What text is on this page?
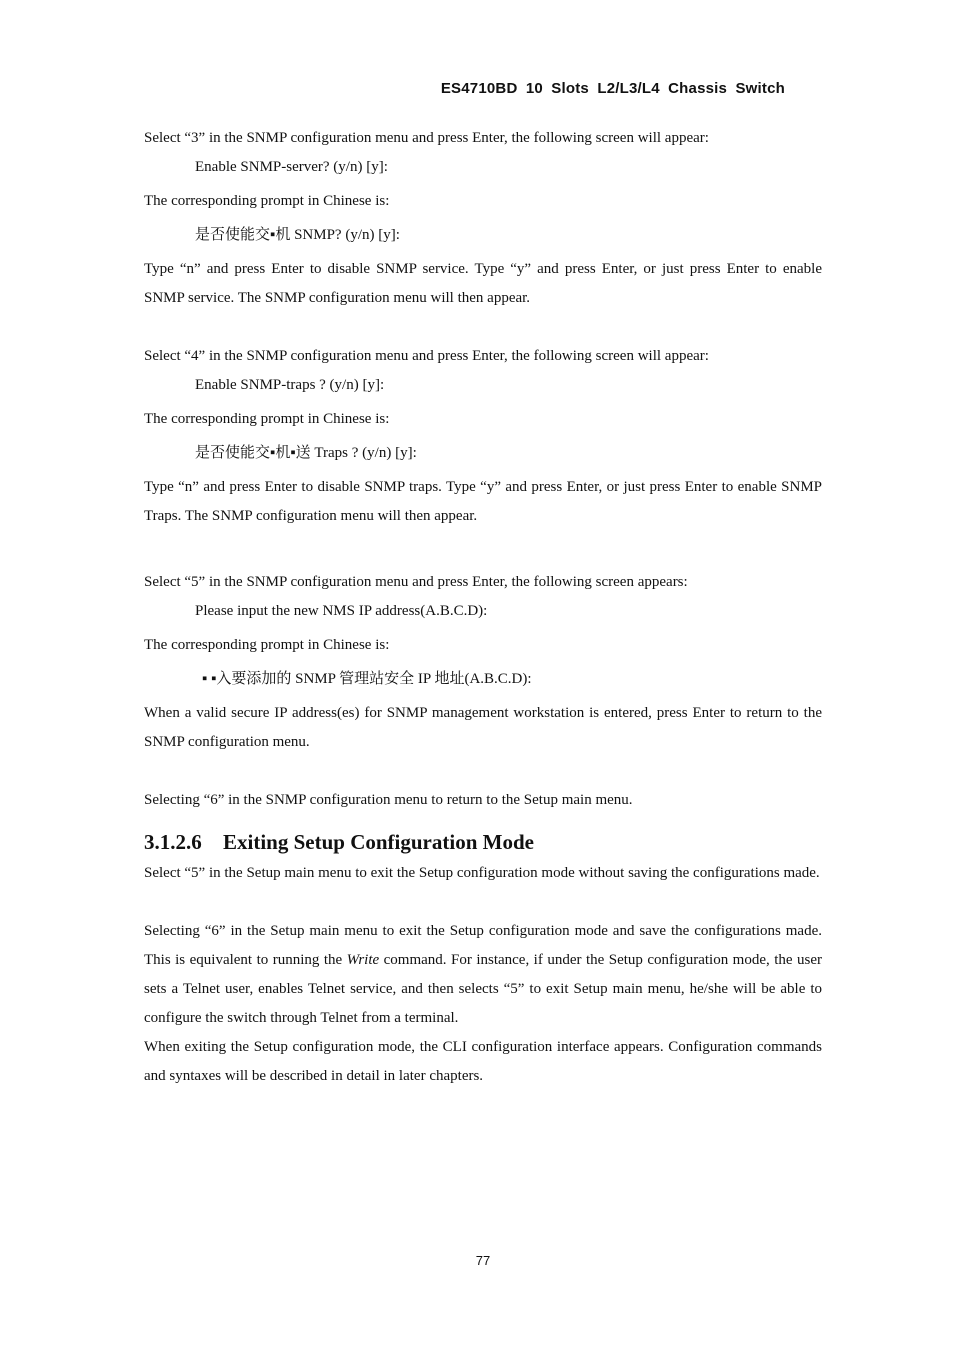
ES4710BD 10 Slots L2/L3/L4 Chassis Switch

Select “3” in the SNMP configuration menu and press Enter, the following screen will appear:

Enable SNMP-server? (y/n) [y]:

The corresponding prompt in Chinese is:

是否使能交▪机 SNMP? (y/n) [y]:

Type “n” and press Enter to disable SNMP service. Type “y” and press Enter, or just press Enter to enable SNMP service. The SNMP configuration menu will then appear.

Select “4” in the SNMP configuration menu and press Enter, the following screen will appear:

Enable SNMP-traps ? (y/n) [y]:

The corresponding prompt in Chinese is:

是否使能交▪机▪送 Traps ? (y/n) [y]:

Type “n” and press Enter to disable SNMP traps. Type “y” and press Enter, or just press Enter to enable SNMP Traps. The SNMP configuration menu will then appear.

Select “5” in the SNMP configuration menu and press Enter, the following screen appears:

Please input the new NMS IP address(A.B.C.D):

The corresponding prompt in Chinese is:

▪ ▪入要添加的 SNMP 管理站安全 IP 地址(A.B.C.D):

When a valid secure IP address(es) for SNMP management workstation is entered, press Enter to return to the SNMP configuration menu.

Selecting “6” in the SNMP configuration menu to return to the Setup main menu.

3.1.2.6 Exiting Setup Configuration Mode

Select “5” in the Setup main menu to exit the Setup configuration mode without saving the configurations made.

Selecting “6” in the Setup main menu to exit the Setup configuration mode and save the configurations made. This is equivalent to running the Write command. For instance, if under the Setup configuration mode, the user sets a Telnet user, enables Telnet service, and then selects “5” to exit Setup main menu, he/she will be able to configure the switch through Telnet from a terminal.

When exiting the Setup configuration mode, the CLI configuration interface appears. Configuration commands and syntaxes will be described in detail in later chapters.

77
